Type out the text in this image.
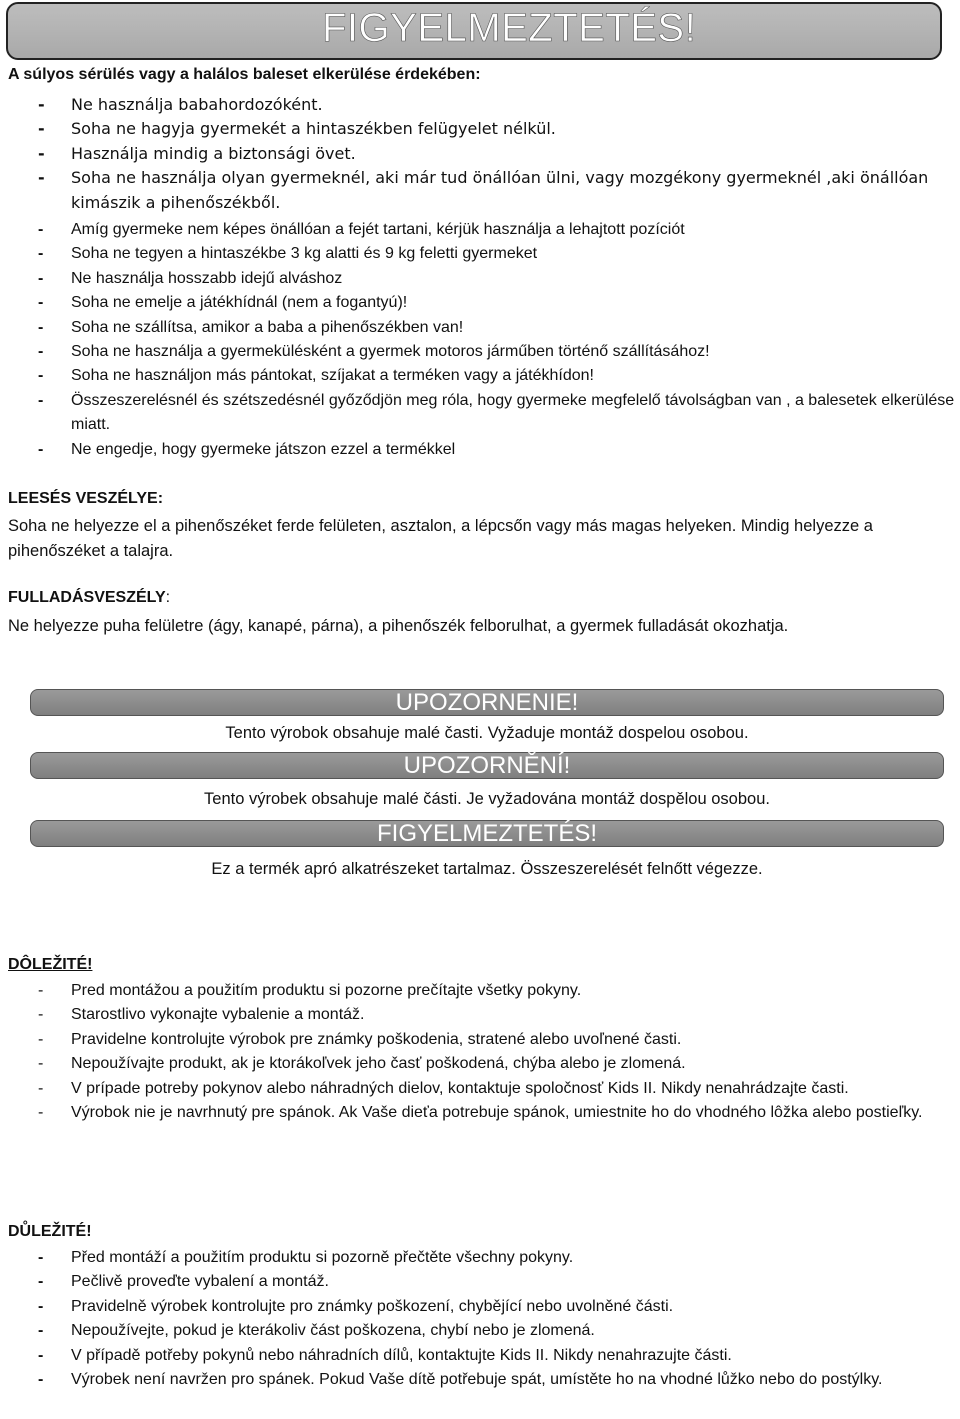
FIGYELMEZTETÉS!
A súlyos sérülés vagy a halálos baleset elkerülése érdekében:
- Ne használja babahordozóként.
- Soha ne hagyja gyermekét a hintaszékben felügyelet nélkül.
- Használja mindig a biztonsági övet.
- Soha ne használja olyan gyermeknél, aki már tud önállóan ülni, vagy mozgékony gyermeknél ,aki önállóan kimászik a pihenőszékből.
- Amíg gyermeke nem képes önállóan a fejét tartani, kérjük használja a lehajtott pozíciót
- Soha ne tegyen a hintaszékbe 3 kg alatti és 9 kg feletti gyermeket
- Ne használja hosszabb idejű alváshoz
- Soha ne emelje a játékhídnál (nem a fogantyú)!
- Soha ne szállítsa, amikor a baba a pihenőszékben van!
- Soha ne használja a gyermekülésként a gyermek motoros járműben történő szállításához!
- Soha ne használjon más pántokat, szíjakat a terméken vagy a játékhídon!
- Összeszerelésnél és szétszedésnél győződjön meg róla, hogy gyermeke megfelelő távolságban van , a balesetek elkerülése miatt.
- Ne engedje, hogy gyermeke játszon ezzel a termékkel
LEESÉS VESZÉLYE:
Soha ne helyezze el a pihenőszéket ferde felületen, asztalon, a lépcsőn vagy más magas helyeken. Mindig helyezze a pihenőszéket a talajra.
FULLADÁSVESZÉLY:
Ne helyezze puha felületre (ágy, kanapé, párna), a pihenőszék felborulhat, a gyermek fulladását okozhatja.
UPOZORNENIE!
Tento výrobok obsahuje malé časti. Vyžaduje montáž dospelou osobou.
UPOZORNĚNÍ!
Tento výrobek obsahuje malé části. Je vyžadována montáž dospělou osobou.
FIGYELMEZTETÉS!
Ez a termék apró alkatrészeket tartalmaz. Összeszerelését felnőtt végezze.
DÔLEŽITÉ!
- Pred montážou a použitím produktu si pozorne prečítajte všetky pokyny.
- Starostlivo vykonajte vybalenie a montáž.
- Pravidelne kontrolujte výrobok pre známky poškodenia, stratené alebo uvoľnené časti.
- Nepoužívajte produkt, ak je ktorákoľvek jeho časť poškodená, chýba alebo je zlomená.
- V prípade potreby pokynov alebo náhradných dielov, kontaktuje spoločnosť Kids II. Nikdy nenahrádzajte časti.
- Výrobok nie je navrhnutý pre spánok. Ak Vaše dieťa potrebuje spánok, umiestnite ho do vhodného lôžka alebo postieľky.
DŮLEŽITÉ!
- Před montáží a použitím produktu si pozorně přečtěte všechny pokyny.
- Pečlivě proveďte vybalení a montáž.
- Pravidelně výrobek kontrolujte pro známky poškození, chybějící nebo uvolněné části.
- Nepoužívejte, pokud je kterákoliv část poškozena, chybí nebo je zlomená.
- V případě potřeby pokynů nebo náhradních dílů, kontaktujte Kids II. Nikdy nenahrazujte části.
- Výrobek není navržen pro spánek. Pokud Vaše dítě potřebuje spát, umístěte ho na vhodné lůžko nebo do postýlky.
